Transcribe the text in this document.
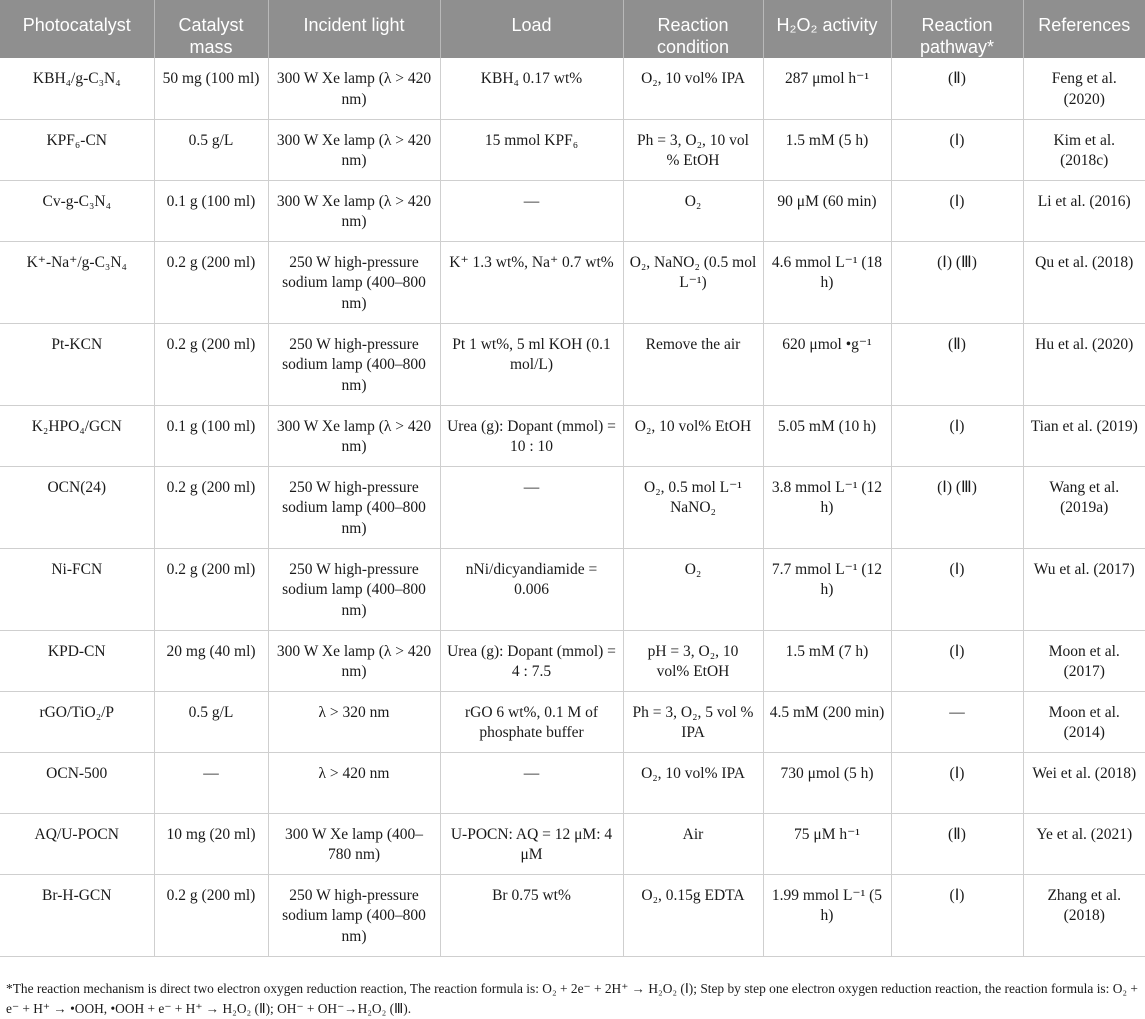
Photocatalyst	Catalyst mass	Incident light	Load	Reaction condition	H₂O₂ activity	Reaction pathway*	References
KBH₄/g-C₃N₄	50 mg (100 ml)	300 W Xe lamp (λ > 420 nm)	KBH₄ 0.17 wt%	O₂, 10 vol% IPA	287 μmol h⁻¹	(Ⅱ)	Feng et al. (2020)
KPF₆-CN	0.5 g/L	300 W Xe lamp (λ > 420 nm)	15 mmol KPF₆	Ph = 3, O₂, 10 vol % EtOH	1.5 mM (5 h)	(Ⅰ)	Kim et al. (2018c)
Cv-g-C₃N₄	0.1 g (100 ml)	300 W Xe lamp (λ > 420 nm)	—	O₂	90 μM (60 min)	(Ⅰ)	Li et al. (2016)
K⁺-Na⁺/g-C₃N₄	0.2 g (200 ml)	250 W high-pressure sodium lamp (400–800 nm)	K⁺ 1.3 wt%, Na⁺ 0.7 wt%	O₂, NaNO₂ (0.5 mol L⁻¹)	4.6 mmol L⁻¹ (18 h)	(Ⅰ) (Ⅲ)	Qu et al. (2018)
Pt-KCN	0.2 g (200 ml)	250 W high-pressure sodium lamp (400–800 nm)	Pt 1 wt%, 5 ml KOH (0.1 mol/L)	Remove the air	620 μmol •g⁻¹	(Ⅱ)	Hu et al. (2020)
K₂HPO₄/GCN	0.1 g (100 ml)	300 W Xe lamp (λ > 420 nm)	Urea (g): Dopant (mmol) = 10 : 10	O₂, 10 vol% EtOH	5.05 mM (10 h)	(Ⅰ)	Tian et al. (2019)
OCN(24)	0.2 g (200 ml)	250 W high-pressure sodium lamp (400–800 nm)	—	O₂, 0.5 mol L⁻¹ NaNO₂	3.8 mmol L⁻¹ (12 h)	(Ⅰ) (Ⅲ)	Wang et al. (2019a)
Ni-FCN	0.2 g (200 ml)	250 W high-pressure sodium lamp (400–800 nm)	nNi/dicyandiamide = 0.006	O₂	7.7 mmol L⁻¹ (12 h)	(Ⅰ)	Wu et al. (2017)
KPD-CN	20 mg (40 ml)	300 W Xe lamp (λ > 420 nm)	Urea (g): Dopant (mmol) = 4 : 7.5	pH = 3, O₂, 10 vol% EtOH	1.5 mM (7 h)	(Ⅰ)	Moon et al. (2017)
rGO/TiO₂/P	0.5 g/L	λ > 320 nm	rGO 6 wt%, 0.1 M of phosphate buffer	Ph = 3, O₂, 5 vol % IPA	4.5 mM (200 min)	—	Moon et al. (2014)
OCN-500	—	λ > 420 nm	—	O₂, 10 vol% IPA	730 μmol (5 h)	(Ⅰ)	Wei et al. (2018)
AQ/U-POCN	10 mg (20 ml)	300 W Xe lamp (400–780 nm)	U-POCN: AQ = 12 μM: 4 μM	Air	75 μM h⁻¹	(Ⅱ)	Ye et al. (2021)
Br-H-GCN	0.2 g (200 ml)	250 W high-pressure sodium lamp (400–800 nm)	Br 0.75 wt%	O₂, 0.15g EDTA	1.99 mmol L⁻¹ (5 h)	(Ⅰ)	Zhang et al. (2018)

*The reaction mechanism is direct two electron oxygen reduction reaction, The reaction formula is: O₂ + 2e⁻ + 2H⁺ → H₂O₂ (Ⅰ); Step by step one electron oxygen reduction reaction, the reaction formula is: O₂ + e⁻ + H⁺ → •OOH, •OOH + e⁻ + H⁺ → H₂O₂ (Ⅱ); OH⁻ + OH⁻→H₂O₂ (Ⅲ).
